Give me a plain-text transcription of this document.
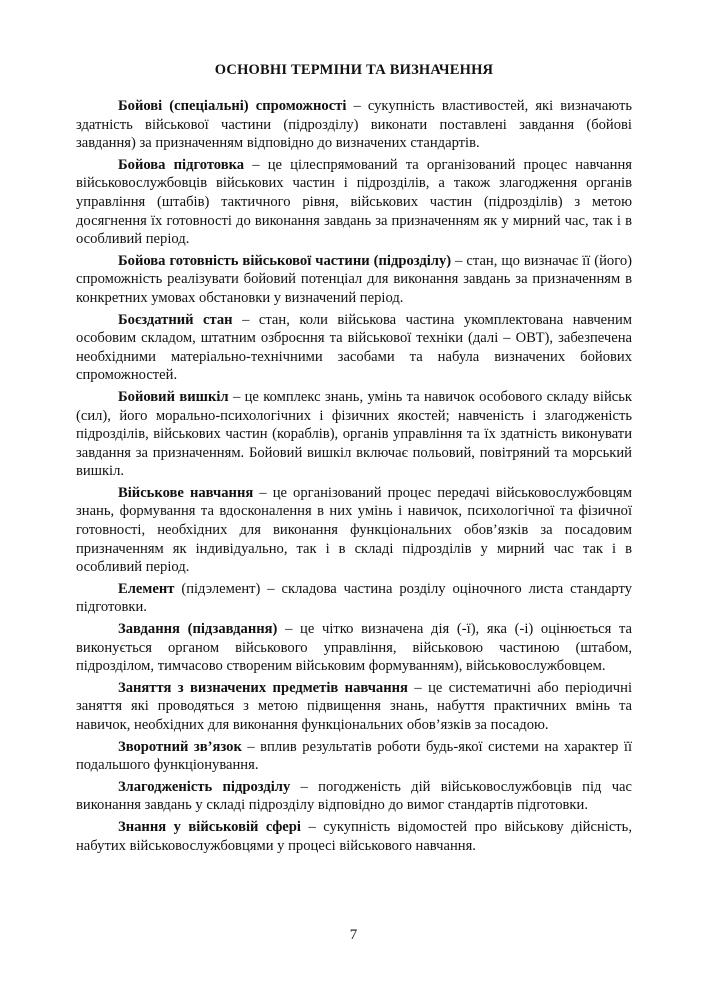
ОСНОВНІ ТЕРМІНИ ТА ВИЗНАЧЕННЯ

Бойові (спеціальні) спроможності – сукупність властивостей, які визначають здатність військової частини (підрозділу) виконати поставлені завдання (бойові завдання) за призначенням відповідно до визначених стандартів.

Бойова підготовка – це цілеспрямований та організований процес навчання військовослужбовців військових частин і підрозділів, а також злагодження органів управління (штабів) тактичного рівня, військових частин (підрозділів) з метою досягнення їх готовності до виконання завдань за призначенням як у мирний час, так і в особливий період.

Бойова готовність військової частини (підрозділу) – стан, що визначає її (його) спроможність реалізувати бойовий потенціал для виконання завдань за призначенням в конкретних умовах обстановки у визначений період.

Боєздатний стан – стан, коли військова частина укомплектована навченим особовим складом, штатним озброєння та військової техніки (далі – ОВТ), забезпечена необхідними матеріально-технічними засобами та набула визначених бойових спроможностей.

Бойовий вишкіл – це комплекс знань, умінь та навичок особового складу військ (сил), його морально-психологічних і фізичних якостей; навченість і злагодженість підрозділів, військових частин (кораблів), органів управління та їх здатність виконувати завдання за призначенням. Бойовий вишкіл включає польовий, повітряний та морський вишкіл.

Військове навчання – це організований процес передачі військовослужбовцям знань, формування та вдосконалення в них умінь і навичок, психологічної та фізичної готовності, необхідних для виконання функціональних обов’язків за посадовим призначенням як індивідуально, так і в складі підрозділів у мирний час так і в особливий період.

Елемент (підэлемент) – складова частина розділу оціночного листа стандарту підготовки.

Завдання (підзавдання) – це чітко визначена дія (-ї), яка (-і) оцінюється та виконується органом військового управління, військовою частиною (штабом, підрозділом, тимчасово створеним військовим формуванням), військовослужбовцем.

Заняття з визначених предметів навчання – це систематичні або періодичні заняття які проводяться з метою підвищення знань, набуття практичних вмінь та навичок, необхідних для виконання функціональних обов’язків за посадою.

Зворотний зв’язок – вплив результатів роботи будь-якої системи на характер її подальшого функціонування.

Злагодженість підрозділу – погодженість дій військовослужбовців під час виконання завдань у складі підрозділу відповідно до вимог стандартів підготовки.

Знання у військовій сфері – сукупність відомостей про військову дійсність, набутих військовослужбовцями у процесі військового навчання.

7
